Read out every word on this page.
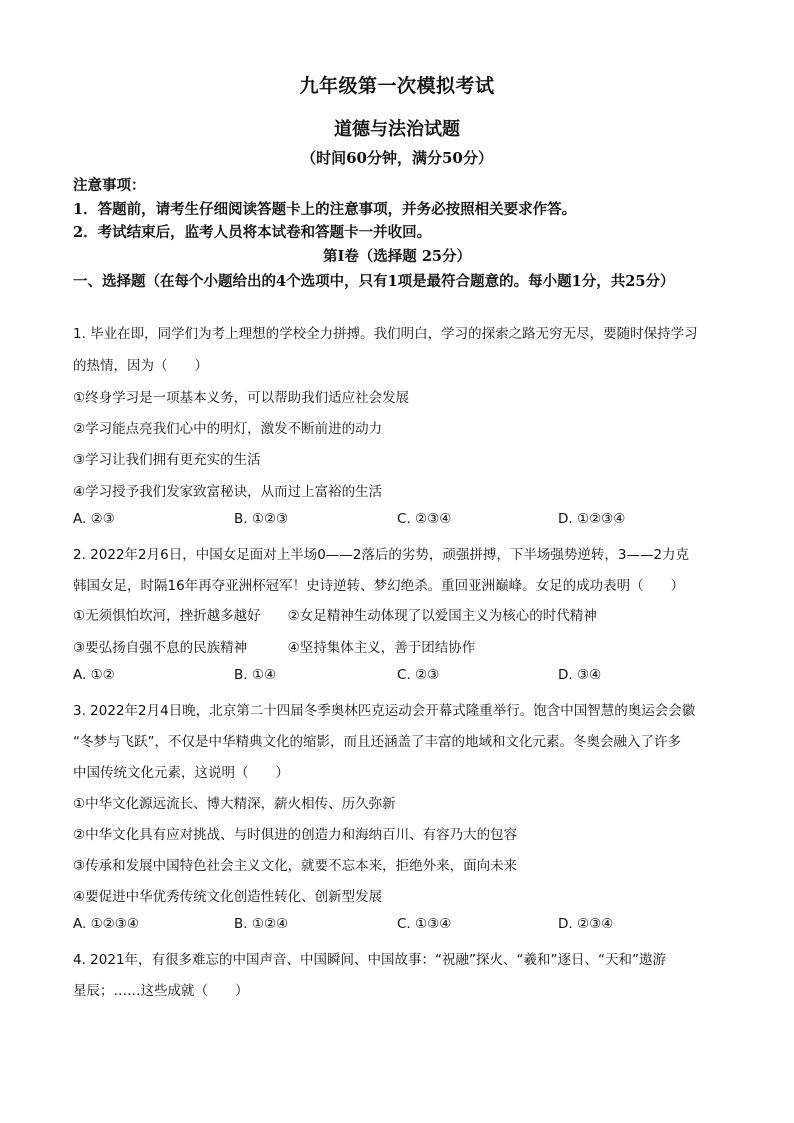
九年级第一次模拟考试
道德与法治试题
（时间60分钟，满分50分）
注意事项：
1．答题前，请考生仔细阅读答题卡上的注意事项，并务必按照相关要求作答。
2．考试结束后，监考人员将本试卷和答题卡一并收回。
第Ⅰ卷（选择题 25分）
一、选择题（在每个小题给出的4个选项中，只有1项是最符合题意的。每小题1分，共25分）
1. 毕业在即，同学们为考上理想的学校全力拼搏。我们明白，学习的探索之路无穷无尽，要随时保持学习
的热情，因为（　　）
①终身学习是一项基本义务，可以帮助我们适应社会发展
②学习能点亮我们心中的明灯，激发不断前进的动力
③学习让我们拥有更充实的生活
④学习授予我们发家致富秘诀，从而过上富裕的生活
A. ②③	B. ①②③	C. ②③④	D. ①②③④
2. 2022年2月6日，中国女足面对上半场0——2落后的劣势，顽强拼搏，下半场强势逆转，3——2力克
韩国女足，时隔16年再夺亚洲杯冠军！史诗逆转、梦幻绝杀。重回亚洲巅峰。女足的成功表明（　　）
①无须惧怕坎河，挫折越多越好　　②女足精神生动体现了以爱国主义为核心的时代精神
③要弘扬自强不息的民族精神　　　④坚持集体主义，善于团结协作
A. ①②	B. ①④	C. ②③	D. ③④
3. 2022年2月4日晚，北京第二十四届冬季奥林匹克运动会开幕式隆重举行。饱含中国智慧的奥运会会徽
“冬梦与飞跃”，不仅是中华精典文化的缩影，而且还涵盖了丰富的地域和文化元素。冬奥会融入了许多
中国传统文化元素，这说明（　　）
①中华文化源远流长、博大精深，薪火相传、历久弥新
②中华文化具有应对挑战、与时俱进的创造力和海纳百川、有容乃大的包容
③传承和发展中国特色社会主义文化，就要不忘本来，拒绝外来，面向未来
④要促进中华优秀传统文化创造性转化、创新型发展
A. ①②③④	B. ①②④	C. ①③④	D. ②③④
4. 2021年，有很多难忘的中国声音、中国瞬间、中国故事：“祝融”探火、“羲和”逐日、“天和”遨游
星辰；……这些成就（　　）
